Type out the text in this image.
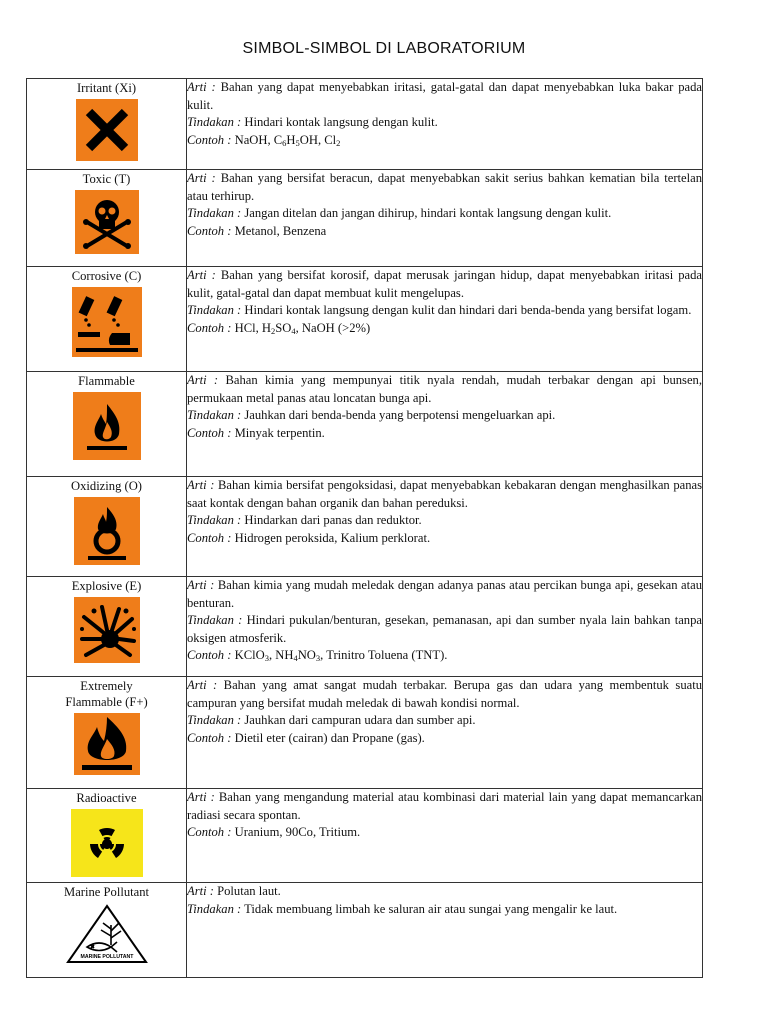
SIMBOL-SIMBOL DI LABORATORIUM
Irritant (Xi)	Arti : Bahan yang dapat menyebabkan iritasi, gatal-gatal dan dapat menyebabkan luka bakar pada kulit.
Tindakan : Hindari kontak langsung dengan kulit.
Contoh : NaOH, $C_6H_5OH$, $Cl_2$

Toxic (T)	Arti : Bahan yang bersifat beracun, dapat menyebabkan sakit serius bahkan kematian bila tertelan atau terhirup.
Tindakan : Jangan ditelan dan jangan dihirup, hindari kontak langsung dengan kulit.
Contoh : Metanol, Benzena

Corrosive (C)	Arti : Bahan yang bersifat korosif, dapat merusak jaringan hidup, dapat menyebabkan iritasi pada kulit, gatal-gatal dan dapat membuat kulit mengelupas.
Tindakan : Hindari kontak langsung dengan kulit dan hindari dari benda-benda yang bersifat logam.
Contoh : HCl, $H_2SO_4$, NaOH (>2%)

Flammable	Arti : Bahan kimia yang mempunyai titik nyala rendah, mudah terbakar dengan api bunsen, permukaan metal panas atau loncatan bunga api.
Tindakan : Jauhkan dari benda-benda yang berpotensi mengeluarkan api.
Contoh : Minyak terpentin.

Oxidizing (O)	Arti : Bahan kimia bersifat pengoksidasi, dapat menyebabkan kebakaran dengan menghasilkan panas saat kontak dengan bahan organik dan bahan pereduksi.
Tindakan : Hindarkan dari panas dan reduktor.
Contoh : Hidrogen peroksida, Kalium perklorat.

Explosive (E)	Arti : Bahan kimia yang mudah meledak dengan adanya panas atau percikan bunga api, gesekan atau benturan.
Tindakan : Hindari pukulan/benturan, gesekan, pemanasan, api dan sumber nyala lain bahkan tanpa oksigen atmosferik.
Contoh : KClO$_3$, $NH_4NO_3$, Trinitro Toluena (TNT).

Extremely Flammable (F+)	Arti : Bahan yang amat sangat mudah terbakar. Berupa gas dan udara yang membentuk suatu campuran yang bersifat mudah meledak di bawah kondisi normal.
Tindakan : Jauhkan dari campuran udara dan sumber api.
Contoh : Dietil eter (cairan) dan Propane (gas).

Radioactive	Arti : Bahan yang mengandung material atau kombinasi dari material lain yang dapat memancarkan radiasi secara spontan.
Contoh : Uranium, 90Co, Tritium.

Marine Pollutant
MARINE POLLUTANT	Arti : Polutan laut.
Tindakan : Tidak membuang limbah ke saluran air atau sungai yang mengalir ke laut.
